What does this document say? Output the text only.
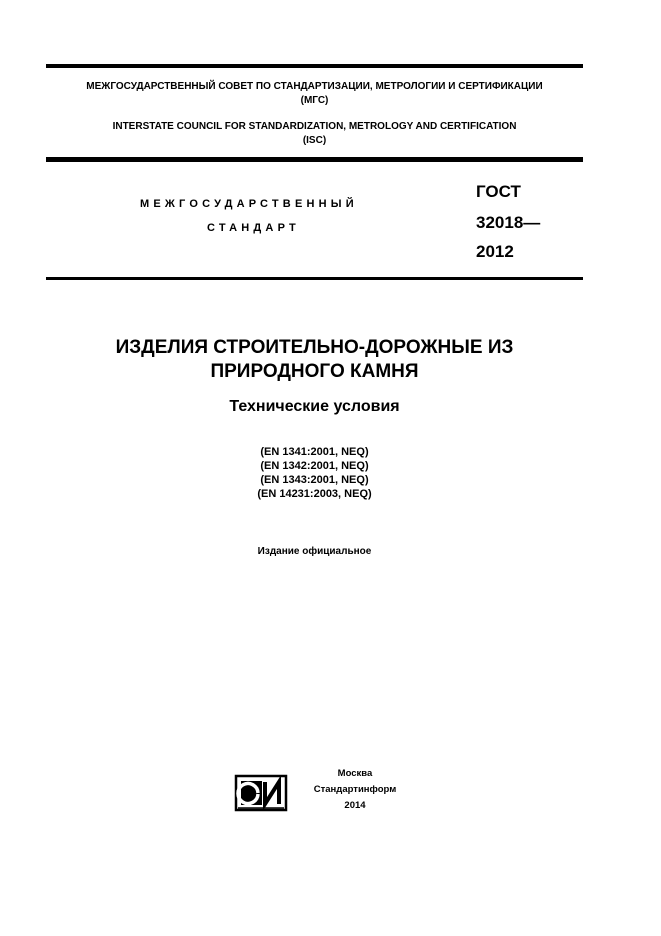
МЕЖГОСУДАРСТВЕННЫЙ СОВЕТ ПО СТАНДАРТИЗАЦИИ, МЕТРОЛОГИИ И СЕРТИФИКАЦИИ
(МГС)
INTERSTATE COUNCIL FOR STANDARDIZATION, METROLOGY AND CERTIFICATION
(ISC)
МЕЖГОСУДАРСТВЕННЫЙ
СТАНДАРТ
ГОСТ
32018—
2012
ИЗДЕЛИЯ СТРОИТЕЛЬНО-ДОРОЖНЫЕ ИЗ
ПРИРОДНОГО КАМНЯ
Технические условия
(EN 1341:2001, NEQ)
(EN 1342:2001, NEQ)
(EN 1343:2001, NEQ)
(EN 14231:2003, NEQ)
Издание официальное
Москва
Стандартинформ
2014
